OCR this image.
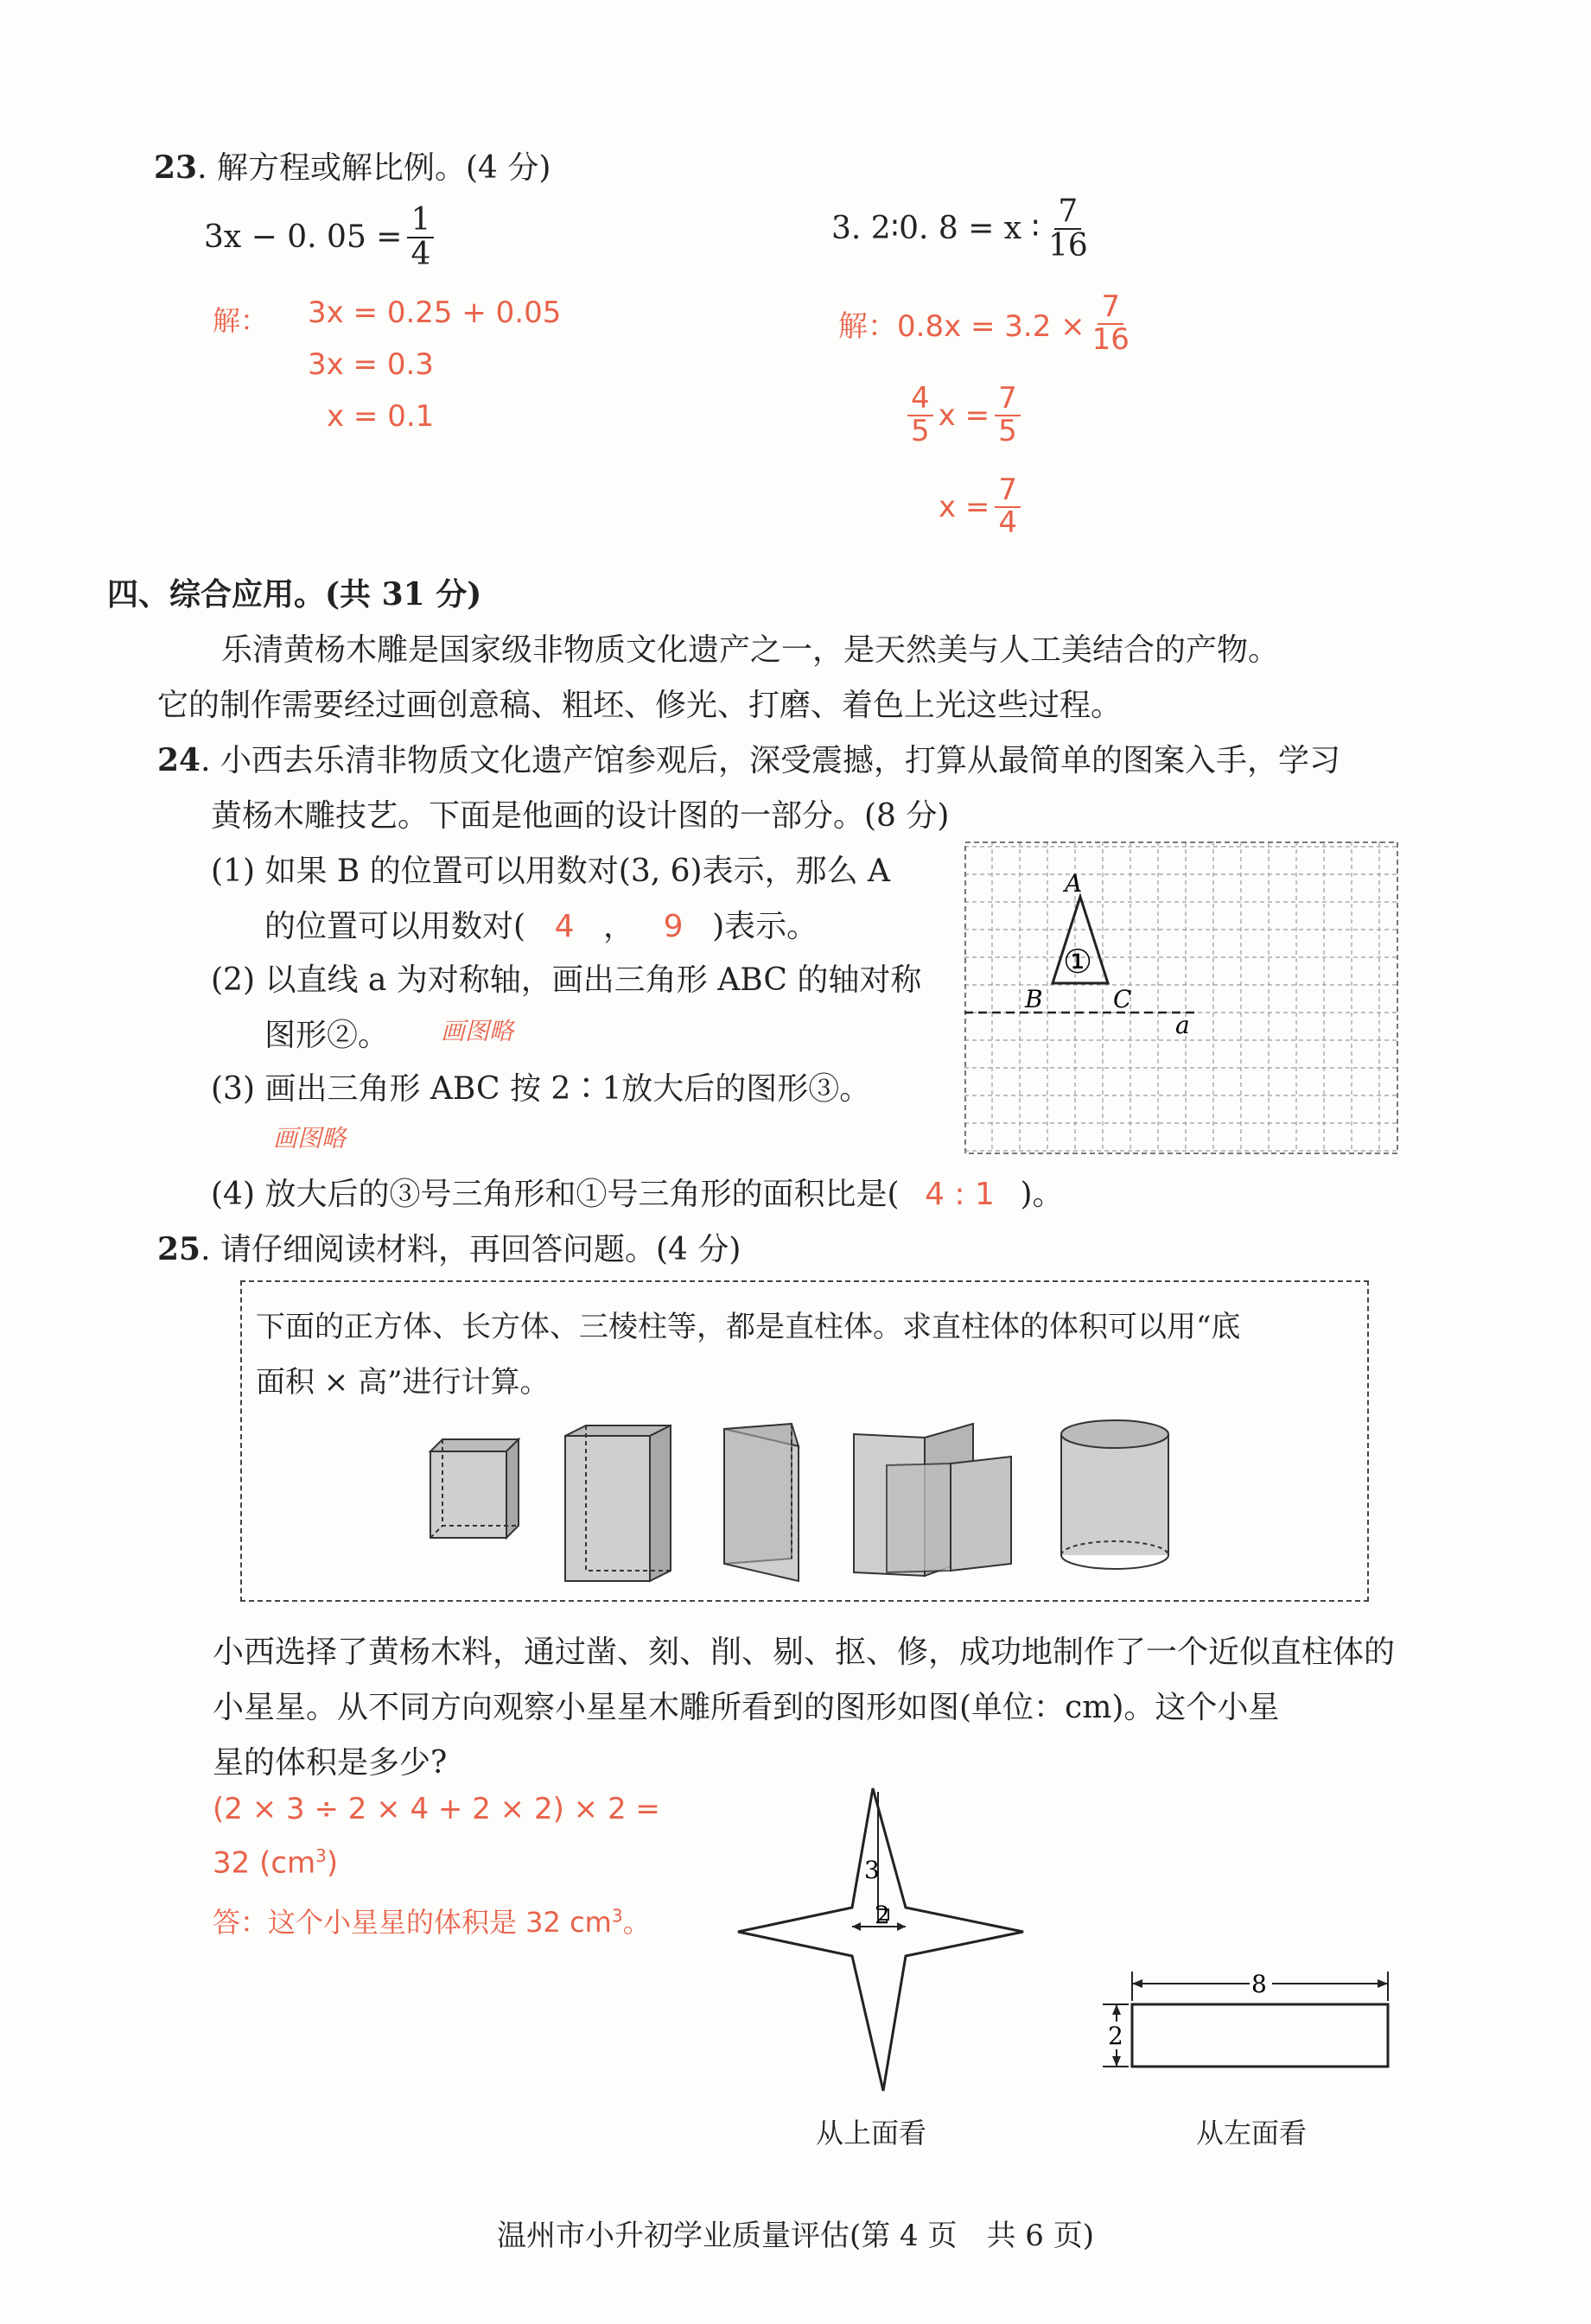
23. 解方程或解比例。(4 分)
3x − 0. $05 = \frac{1}{4}$	3. 2∶0. 8 = x ∶ $\frac{7}{16}$
解： 3x = 0.25 + 0.05
3x = 0.3
x = 0.1
解：$0.8x = 3.2 \times \frac{7}{16}$
$\frac{4}{5}$ $x = \frac{7}{5}$
$x = \frac{7}{4}$
四、综合应用。(共 31 分)
乐清黄杨木雕是国家级非物质文化遗产之一，是天然美与人工美结合的产物。
它的制作需要经过画创意稿、粗坯、修光、打磨、着色上光这些过程。
24. 小西去乐清非物质文化遗产馆参观后，深受震撼，打算从最简单的图案入手，学习
黄杨木雕技艺。下面是他画的设计图的一部分。(8 分)
(1) 如果 B 的位置可以用数对(3, 6)表示，那么 A
的位置可以用数对( 4 ， 9 )表示。
(2) 以直线 a 为对称轴，画出三角形 ABC 的轴对称
图形②。 画图略
(3) 画出三角形 ABC 按 2∶1放大后的图形③。
画图略
(4) 放大后的③号三角形和①号三角形的面积比是( 4 : 1 )。
A
B	C
a
①
25. 请仔细阅读材料，再回答问题。(4 分)
下面的正方体、长方体、三棱柱等，都是直柱体。求直柱体的体积可以用“底
面积 × 高”进行计算。
小西选择了黄杨木料，通过凿、刻、削、剔、抠、修，成功地制作了一个近似直柱体的
小星星。从不同方向观察小星星木雕所看到的图形如图(单位：cm)。这个小星
星的体积是多少?
(2 × 3 ÷ 2 × 4 + 2 × 2) × 2 =
32 $(cm^3)$
答：这个小星星的体积是 32 $cm^3$。
3
2
从上面看
8
2
从左面看
温州市小升初学业质量评估(第 4 页　共 6 页)
